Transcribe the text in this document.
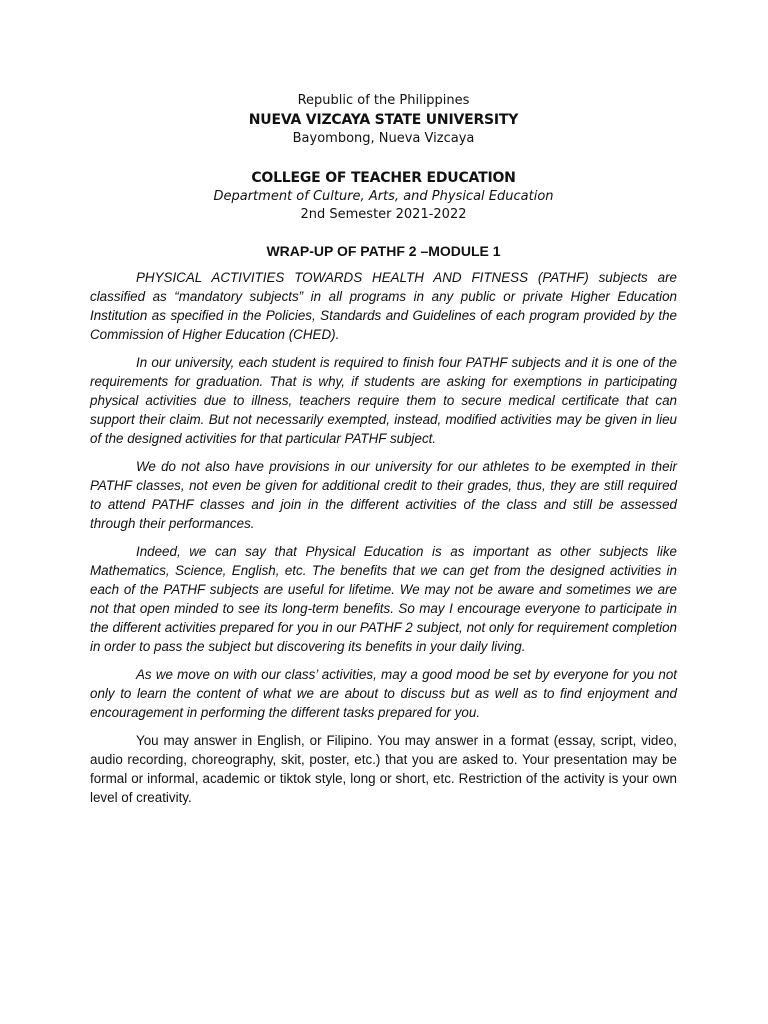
Republic of the Philippines

NUEVA VIZCAYA STATE UNIVERSITY

Bayombong, Nueva Vizcaya

COLLEGE OF TEACHER EDUCATION

Department of Culture, Arts, and Physical Education

2nd Semester 2021-2022

WRAP-UP OF PATHF 2 –MODULE 1

PHYSICAL ACTIVITIES TOWARDS HEALTH AND FITNESS (PATHF) subjects are classified as “mandatory subjects” in all programs in any public or private Higher Education Institution as specified in the Policies, Standards and Guidelines of each program provided by the Commission of Higher Education (CHED).

In our university, each student is required to finish four PATHF subjects and it is one of the requirements for graduation. That is why, if students are asking for exemptions in participating physical activities due to illness, teachers require them to secure medical certificate that can support their claim. But not necessarily exempted, instead, modified activities may be given in lieu of the designed activities for that particular PATHF subject.

We do not also have provisions in our university for our athletes to be exempted in their PATHF classes, not even be given for additional credit to their grades, thus, they are still required to attend PATHF classes and join in the different activities of the class and still be assessed through their performances.

Indeed, we can say that Physical Education is as important as other subjects like Mathematics, Science, English, etc. The benefits that we can get from the designed activities in each of the PATHF subjects are useful for lifetime. We may not be aware and sometimes we are not that open minded to see its long-term benefits. So may I encourage everyone to participate in the different activities prepared for you in our PATHF 2 subject, not only for requirement completion in order to pass the subject but discovering its benefits in your daily living.

As we move on with our class’ activities, may a good mood be set by everyone for you not only to learn the content of what we are about to discuss but as well as to find enjoyment and encouragement in performing the different tasks prepared for you.

You may answer in English, or Filipino. You may answer in a format (essay, script, video, audio recording, choreography, skit, poster, etc.) that you are asked to. Your presentation may be formal or informal, academic or tiktok style, long or short, etc. Restriction of the activity is your own level of creativity.
